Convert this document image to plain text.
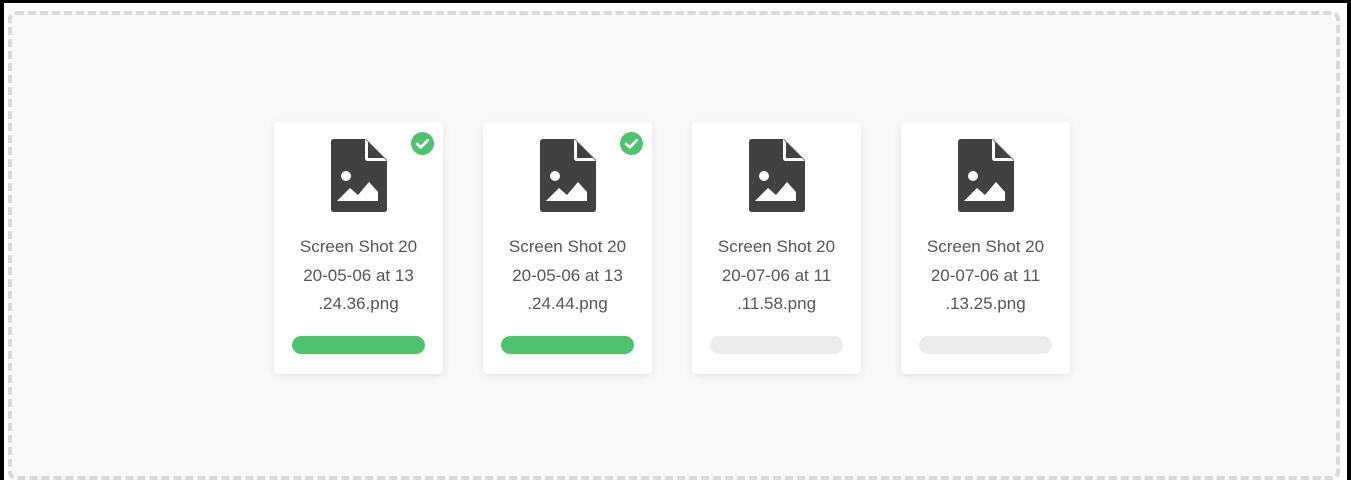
Screen Shot 20
20-05-06 at 13
.24.36.png
Screen Shot 20
20-05-06 at 13
.24.44.png
Screen Shot 20
20-07-06 at 11
.11.58.png
Screen Shot 20
20-07-06 at 11
.13.25.png
